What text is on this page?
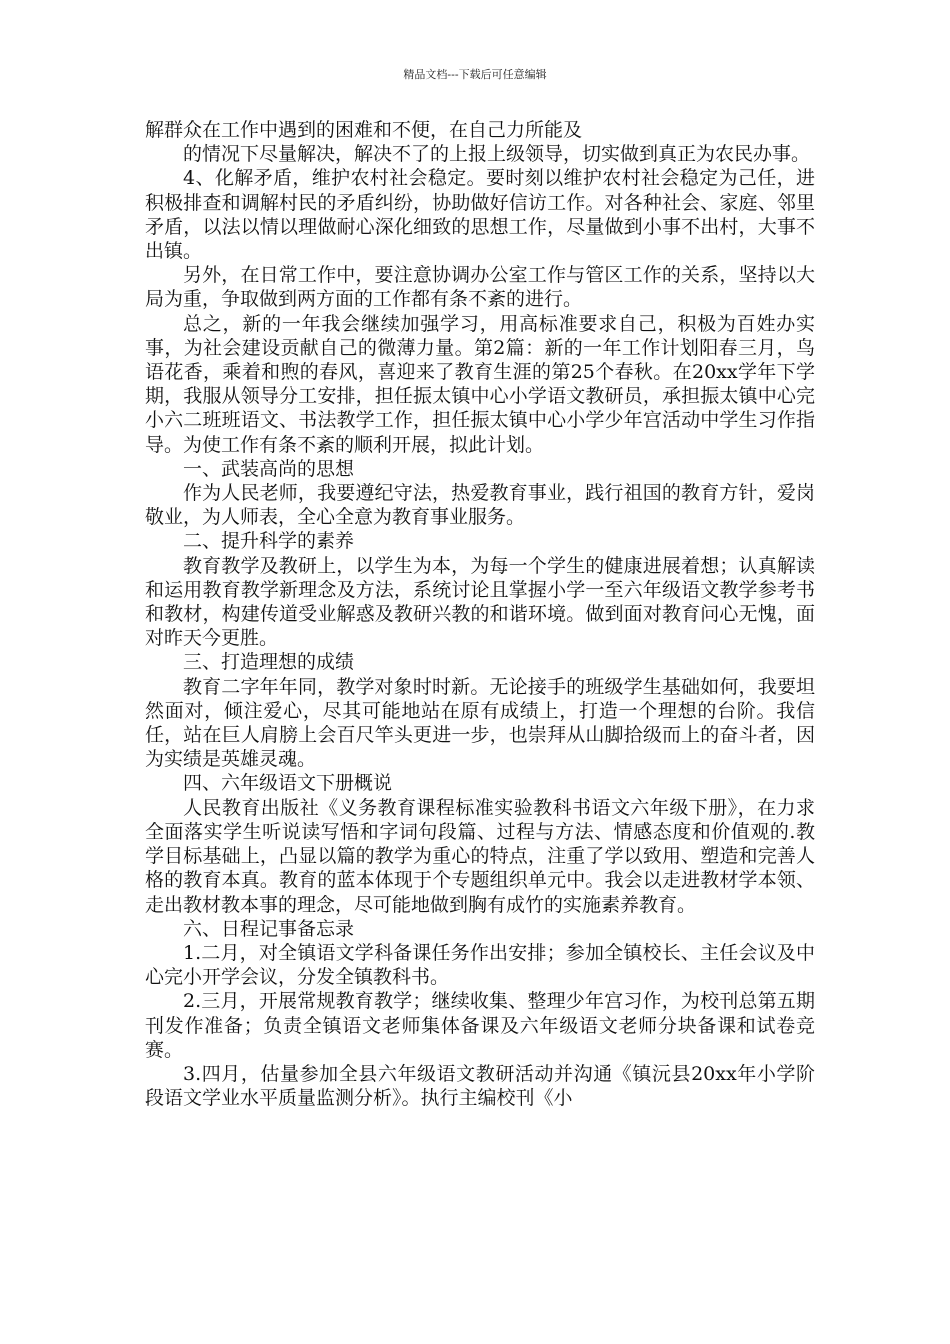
精品文档---下载后可任意编辑

解群众在工作中遇到的困难和不便，在自己力所能及

的情况下尽量解决，解决不了的上报上级领导，切实做到真正为农民办事。

4、化解矛盾，维护农村社会稳定。要时刻以维护农村社会稳定为己任，进积极排查和调解村民的矛盾纠纷，协助做好信访工作。对各种社会、家庭、邻里矛盾，以法以情以理做耐心深化细致的思想工作，尽量做到小事不出村，大事不出镇。

另外，在日常工作中，要注意协调办公室工作与管区工作的关系，坚持以大局为重，争取做到两方面的工作都有条不紊的进行。

总之，新的一年我会继续加强学习，用高标准要求自己，积极为百姓办实事，为社会建设贡献自己的微薄力量。第2篇：新的一年工作计划阳春三月，鸟语花香，乘着和煦的春风，喜迎来了教育生涯的第25个春秋。在20xx学年下学期，我服从领导分工安排，担任振太镇中心小学语文教研员，承担振太镇中心完小六二班班语文、书法教学工作，担任振太镇中心小学少年宫活动中学生习作指导。为使工作有条不紊的顺利开展，拟此计划。

一、武装高尚的思想

作为人民老师，我要遵纪守法，热爱教育事业，践行祖国的教育方针，爱岗敬业，为人师表，全心全意为教育事业服务。

二、提升科学的素养

教育教学及教研上，以学生为本，为每一个学生的健康进展着想；认真解读和运用教育教学新理念及方法，系统讨论且掌握小学一至六年级语文教学参考书和教材，构建传道受业解惑及教研兴教的和谐环境。做到面对教育问心无愧，面对昨天今更胜。

三、打造理想的成绩

教育二字年年同，教学对象时时新。无论接手的班级学生基础如何，我要坦然面对，倾注爱心，尽其可能地站在原有成绩上，打造一个理想的台阶。我信任，站在巨人肩膀上会百尺竿头更进一步，也崇拜从山脚拾级而上的奋斗者，因为实绩是英雄灵魂。

四、六年级语文下册概说

人民教育出版社《义务教育课程标准实验教科书语文六年级下册》，在力求全面落实学生听说读写悟和字词句段篇、过程与方法、情感态度和价值观的.教学目标基础上，凸显以篇的教学为重心的特点，注重了学以致用、塑造和完善人格的教育本真。教育的蓝本体现于个专题组织单元中。我会以走进教材学本领、走出教材教本事的理念，尽可能地做到胸有成竹的实施素养教育。

六、日程记事备忘录

1.二月，对全镇语文学科备课任务作出安排；参加全镇校长、主任会议及中心完小开学会议，分发全镇教科书。

2.三月，开展常规教育教学；继续收集、整理少年宫习作，为校刊总第五期刊发作准备；负责全镇语文老师集体备课及六年级语文老师分块备课和试卷竞赛。

3.四月，估量参加全县六年级语文教研活动并沟通《镇沅县20xx年小学阶段语文学业水平质量监测分析》。执行主编校刊《小
